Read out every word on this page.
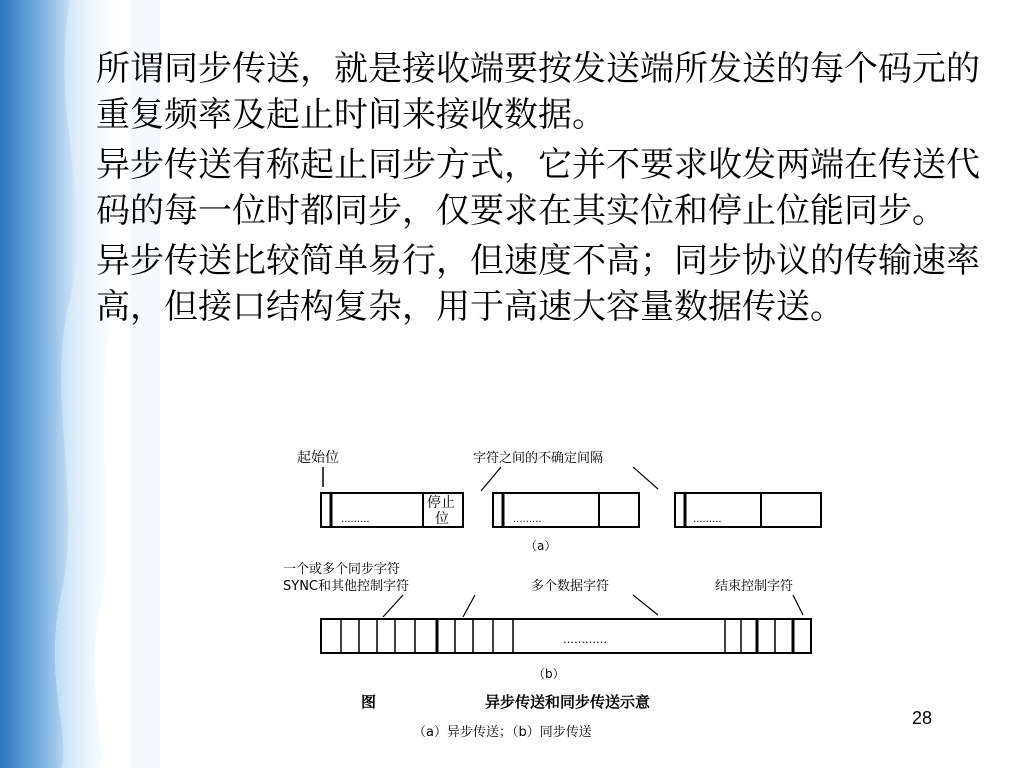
所谓同步传送，就是接收端要按发送端所发送的每个码元的重复频率及起止时间来接收数据。

异步传送有称起止同步方式，它并不要求收发两端在传送代码的每一位时都同步，仅要求在其实位和停止位能同步。

异步传送比较简单易行，但速度不高；同步协议的传输速率高，但接口结构复杂，用于高速大容量数据传送。

起始位	字符之间的不确定间隔
·········
停止
位	·········	·········
（a）
一个或多个同步字符
SYNC和其他控制字符	多个数据字符	结束控制字符
…………
（b）
图	异步传送和同步传送示意
（a）异步传送；（b）同步传送
28
